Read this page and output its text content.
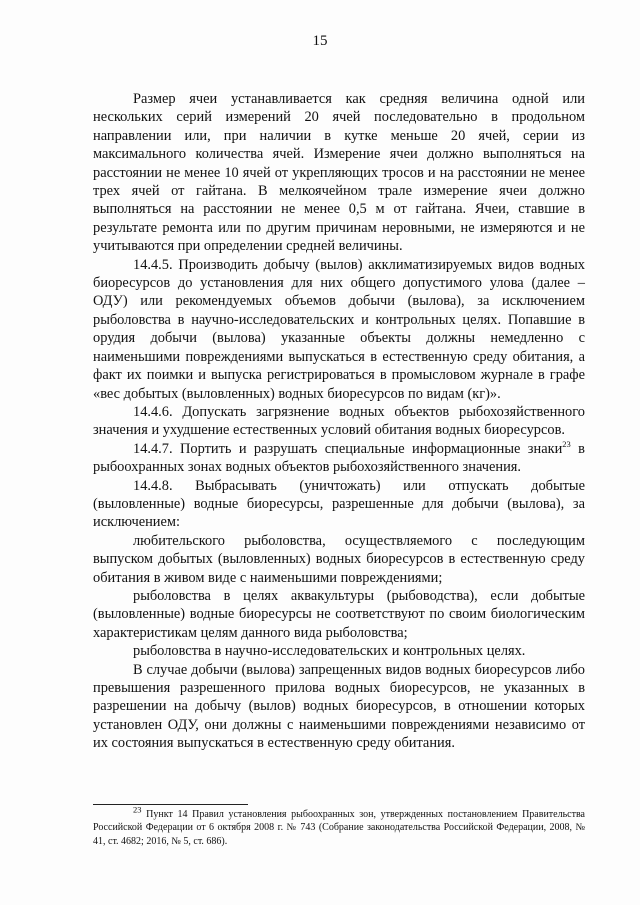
15

Размер ячеи устанавливается как средняя величина одной или нескольких серий измерений 20 ячей последовательно в продольном направлении или, при наличии в кутке меньше 20 ячей, серии из максимального количества ячей. Измерение ячеи должно выполняться на расстоянии не менее 10 ячей от укрепляющих тросов и на расстоянии не менее трех ячей от гайтана. В мелкоячейном трале измерение ячеи должно выполняться на расстоянии не менее 0,5 м от гайтана. Ячеи, ставшие в результате ремонта или по другим причинам неровными, не измеряются и не учитываются при определении средней величины.

14.4.5. Производить добычу (вылов) акклиматизируемых видов водных биоресурсов до установления для них общего допустимого улова (далее – ОДУ) или рекомендуемых объемов добычи (вылова), за исключением рыболовства в научно-исследовательских и контрольных целях. Попавшие в орудия добычи (вылова) указанные объекты должны немедленно с наименьшими повреждениями выпускаться в естественную среду обитания, а факт их поимки и выпуска регистрироваться в промысловом журнале в графе «вес добытых (выловленных) водных биоресурсов по видам (кг)».

14.4.6. Допускать загрязнение водных объектов рыбохозяйственного значения и ухудшение естественных условий обитания водных биоресурсов.

14.4.7. Портить и разрушать специальные информационные знаки$^{23}$ в рыбоохранных зонах водных объектов рыбохозяйственного значения.

14.4.8. Выбрасывать (уничтожать) или отпускать добытые (выловленные) водные биоресурсы, разрешенные для добычи (вылова), за исключением:

любительского рыболовства, осуществляемого с последующим выпуском добытых (выловленных) водных биоресурсов в естественную среду обитания в живом виде с наименьшими повреждениями;

рыболовства в целях аквакультуры (рыбоводства), если добытые (выловленные) водные биоресурсы не соответствуют по своим биологическим характеристикам целям данного вида рыболовства;

рыболовства в научно-исследовательских и контрольных целях.

В случае добычи (вылова) запрещенных видов водных биоресурсов либо превышения разрешенного прилова водных биоресурсов, не указанных в разрешении на добычу (вылов) водных биоресурсов, в отношении которых установлен ОДУ, они должны с наименьшими повреждениями независимо от их состояния выпускаться в естественную среду обитания.

$^{23}$ Пункт 14 Правил установления рыбоохранных зон, утвержденных постановлением Правительства Российской Федерации от 6 октября 2008 г. № 743 (Собрание законодательства Российской Федерации, 2008, № 41, ст. 4682; 2016, № 5, ст. 686).
